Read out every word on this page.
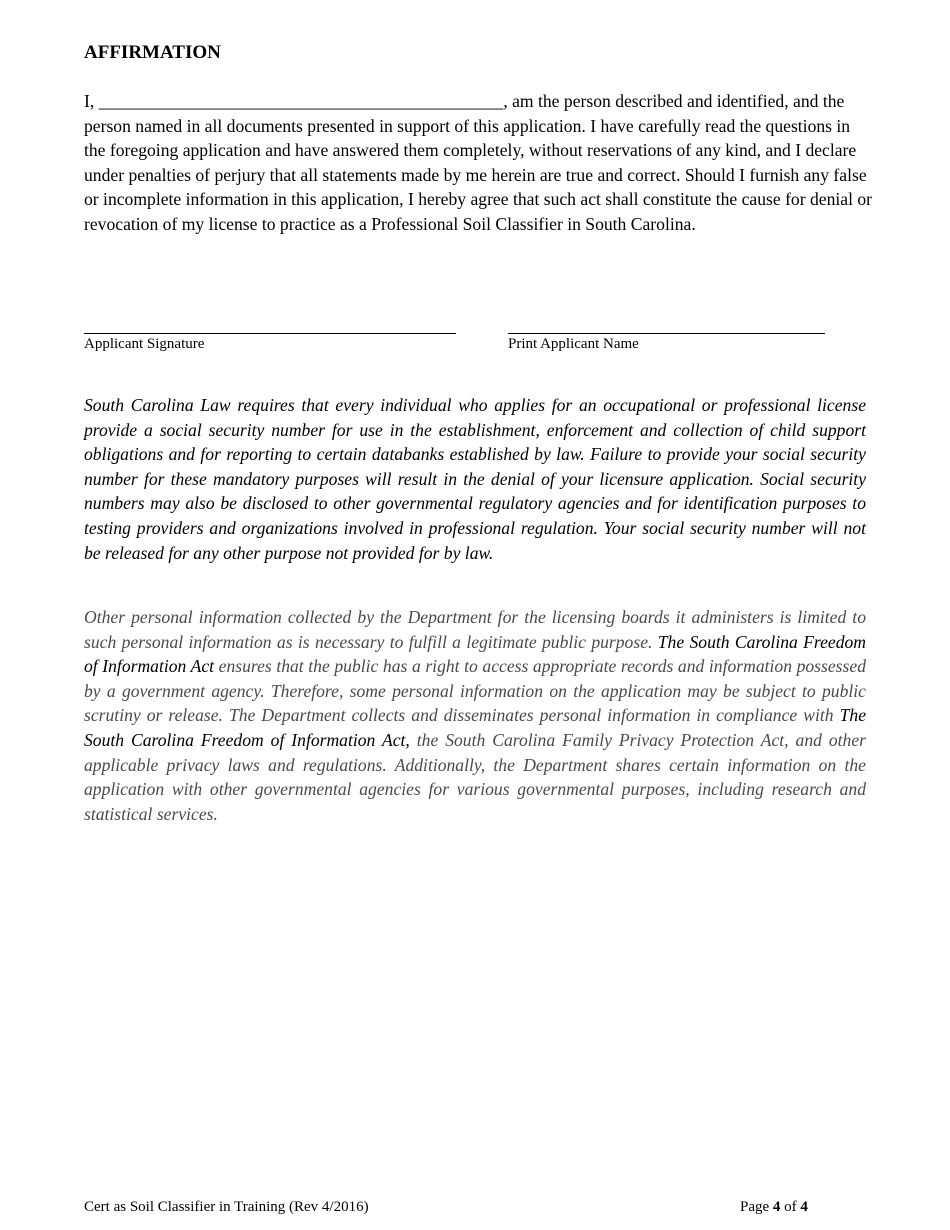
AFFIRMATION

I, ______________________________________________, am the person described and identified, and the person named in all documents presented in support of this application. I have carefully read the questions in the foregoing application and have answered them completely, without reservations of any kind, and I declare under penalties of perjury that all statements made by me herein are true and correct. Should I furnish any false or incomplete information in this application, I hereby agree that such act shall constitute the cause for denial or revocation of my license to practice as a Professional Soil Classifier in South Carolina.

Applicant Signature	Print Applicant Name

South Carolina Law requires that every individual who applies for an occupational or professional license provide a social security number for use in the establishment, enforcement and collection of child support obligations and for reporting to certain databanks established by law. Failure to provide your social security number for these mandatory purposes will result in the denial of your licensure application. Social security numbers may also be disclosed to other governmental regulatory agencies and for identification purposes to testing providers and organizations involved in professional regulation. Your social security number will not be released for any other purpose not provided for by law.

Other personal information collected by the Department for the licensing boards it administers is limited to such personal information as is necessary to fulfill a legitimate public purpose. The South Carolina Freedom of Information Act ensures that the public has a right to access appropriate records and information possessed by a government agency. Therefore, some personal information on the application may be subject to public scrutiny or release. The Department collects and disseminates personal information in compliance with The South Carolina Freedom of Information Act, the South Carolina Family Privacy Protection Act, and other applicable privacy laws and regulations. Additionally, the Department shares certain information on the application with other governmental agencies for various governmental purposes, including research and statistical services.

Cert as Soil Classifier in Training (Rev 4/2016)	Page 4 of 4
